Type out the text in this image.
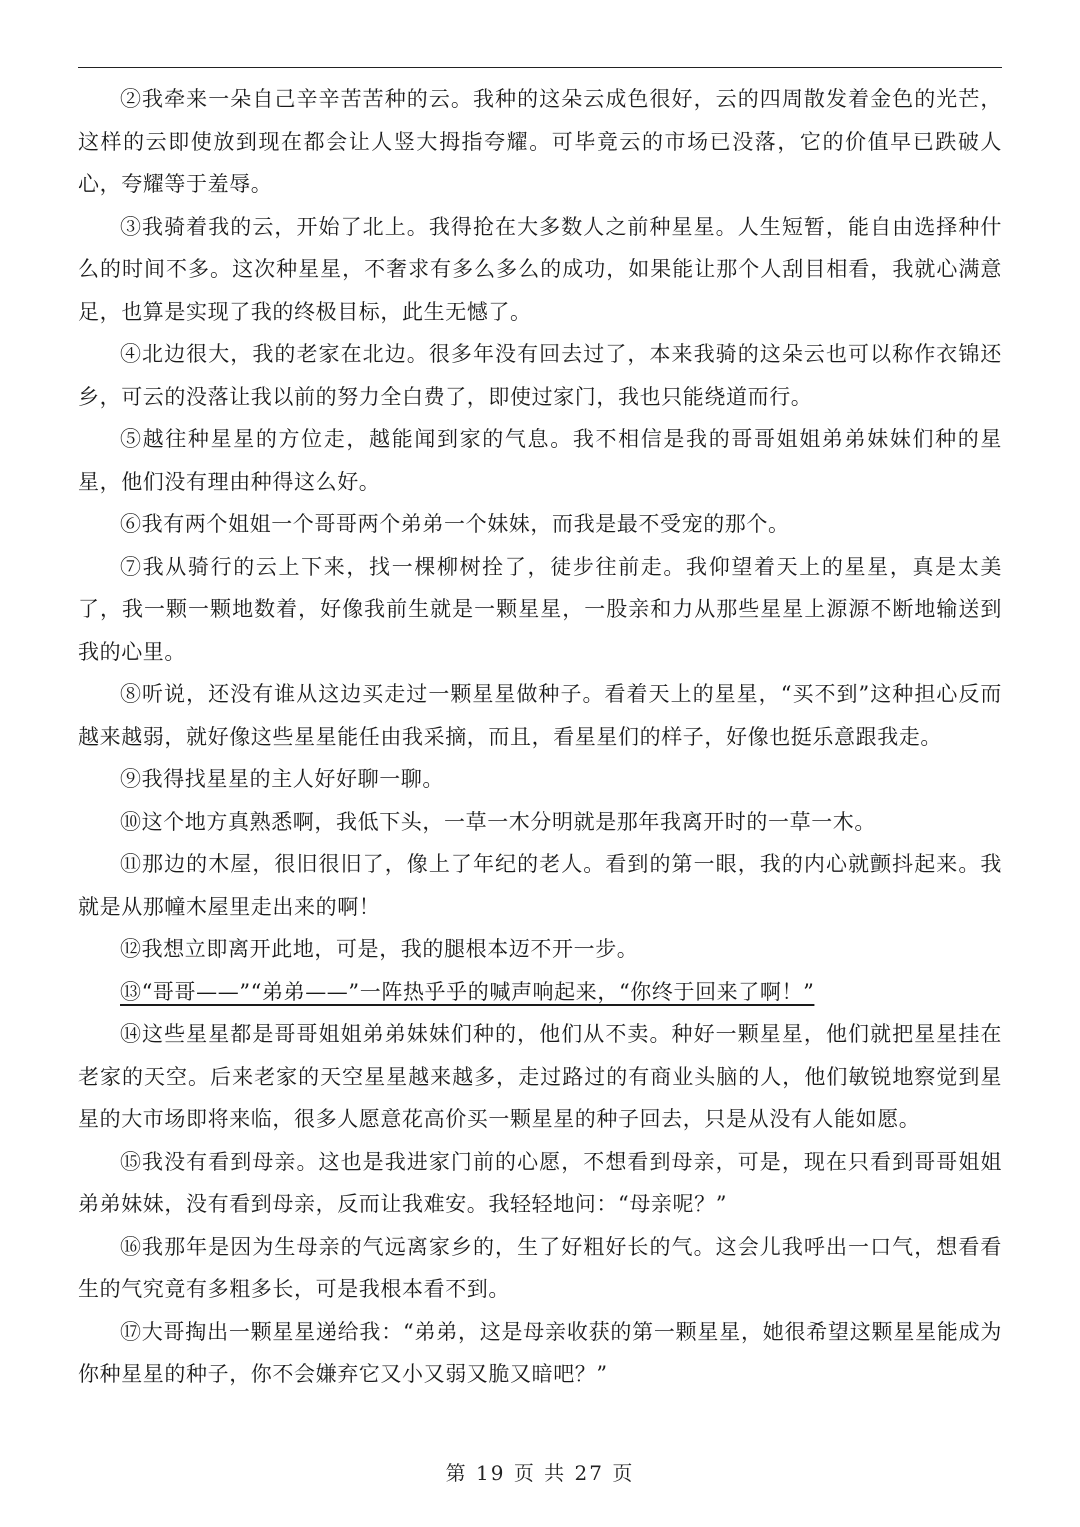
②我牵来一朵自己辛辛苦苦种的云。我种的这朵云成色很好，云的四周散发着金色的光芒，这样的云即使放到现在都会让人竖大拇指夸耀。可毕竟云的市场已没落，它的价值早已跌破人心，夸耀等于羞辱。

③我骑着我的云，开始了北上。我得抢在大多数人之前种星星。人生短暂，能自由选择种什么的时间不多。这次种星星，不奢求有多么多么的成功，如果能让那个人刮目相看，我就心满意足，也算是实现了我的终极目标，此生无憾了。

④北边很大，我的老家在北边。很多年没有回去过了，本来我骑的这朵云也可以称作衣锦还乡，可云的没落让我以前的努力全白费了，即使过家门，我也只能绕道而行。

⑤越往种星星的方位走，越能闻到家的气息。我不相信是我的哥哥姐姐弟弟妹妹们种的星星，他们没有理由种得这么好。

⑥我有两个姐姐一个哥哥两个弟弟一个妹妹，而我是最不受宠的那个。

⑦我从骑行的云上下来，找一棵柳树拴了，徒步往前走。我仰望着天上的星星，真是太美了，我一颗一颗地数着，好像我前生就是一颗星星，一股亲和力从那些星星上源源不断地输送到我的心里。

⑧听说，还没有谁从这边买走过一颗星星做种子。看着天上的星星，“买不到”这种担心反而越来越弱，就好像这些星星能任由我采摘，而且，看星星们的样子，好像也挺乐意跟我走。

⑨我得找星星的主人好好聊一聊。

⑩这个地方真熟悉啊，我低下头，一草一木分明就是那年我离开时的一草一木。

⑪那边的木屋，很旧很旧了，像上了年纪的老人。看到的第一眼，我的内心就颤抖起来。我就是从那幢木屋里走出来的啊！

⑫我想立即离开此地，可是，我的腿根本迈不开一步。

⑬“哥哥——”“弟弟——”一阵热乎乎的喊声响起来，“你终于回来了啊！”

⑭这些星星都是哥哥姐姐弟弟妹妹们种的，他们从不卖。种好一颗星星，他们就把星星挂在老家的天空。后来老家的天空星星越来越多，走过路过的有商业头脑的人，他们敏锐地察觉到星星的大市场即将来临，很多人愿意花高价买一颗星星的种子回去，只是从没有人能如愿。

⑮我没有看到母亲。这也是我进家门前的心愿，不想看到母亲，可是，现在只看到哥哥姐姐弟弟妹妹，没有看到母亲，反而让我难安。我轻轻地问：“母亲呢？”

⑯我那年是因为生母亲的气远离家乡的，生了好粗好长的气。这会儿我呼出一口气，想看看生的气究竟有多粗多长，可是我根本看不到。

⑰大哥掏出一颗星星递给我：“弟弟，这是母亲收获的第一颗星星，她很希望这颗星星能成为你种星星的种子，你不会嫌弃它又小又弱又脆又暗吧？”

第 19 页 共 27 页
